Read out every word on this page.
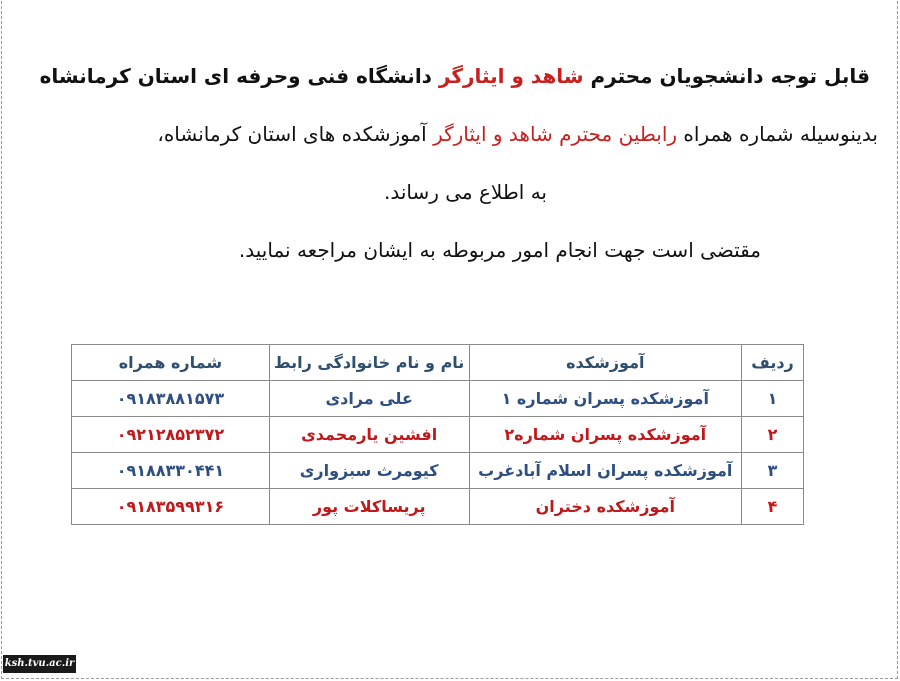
قابل توجه دانشجویان محترم شاهد و ایثارگر دانشگاه فنی وحرفه ای استان کرمانشاه
بدینوسیله شماره همراه رابطین محترم شاهد و ایثارگر آموزشکده های استان کرمانشاه،
به اطلاع می رساند.
مقتضی است جهت انجام امور مربوطه به ایشان مراجعه نمایید.
ردیف	آموزشکده	نام و نام خانوادگی رابط	شماره همراه
۱	آموزشکده پسران شماره ۱	علی مرادی	۰۹۱۸۳۸۸۱۵۷۳
۲	آموزشکده پسران شماره۲	افشین یارمحمدی	۰۹۲۱۲۸۵۲۳۷۲
۳	آموزشکده پسران اسلام آبادغرب	کیومرث سبزواری	۰۹۱۸۸۳۳۰۴۴۱
۴	آموزشکده دختران	پریساکلات پور	۰۹۱۸۳۵۹۹۳۱۶
ksh.tvu.ac.ir
